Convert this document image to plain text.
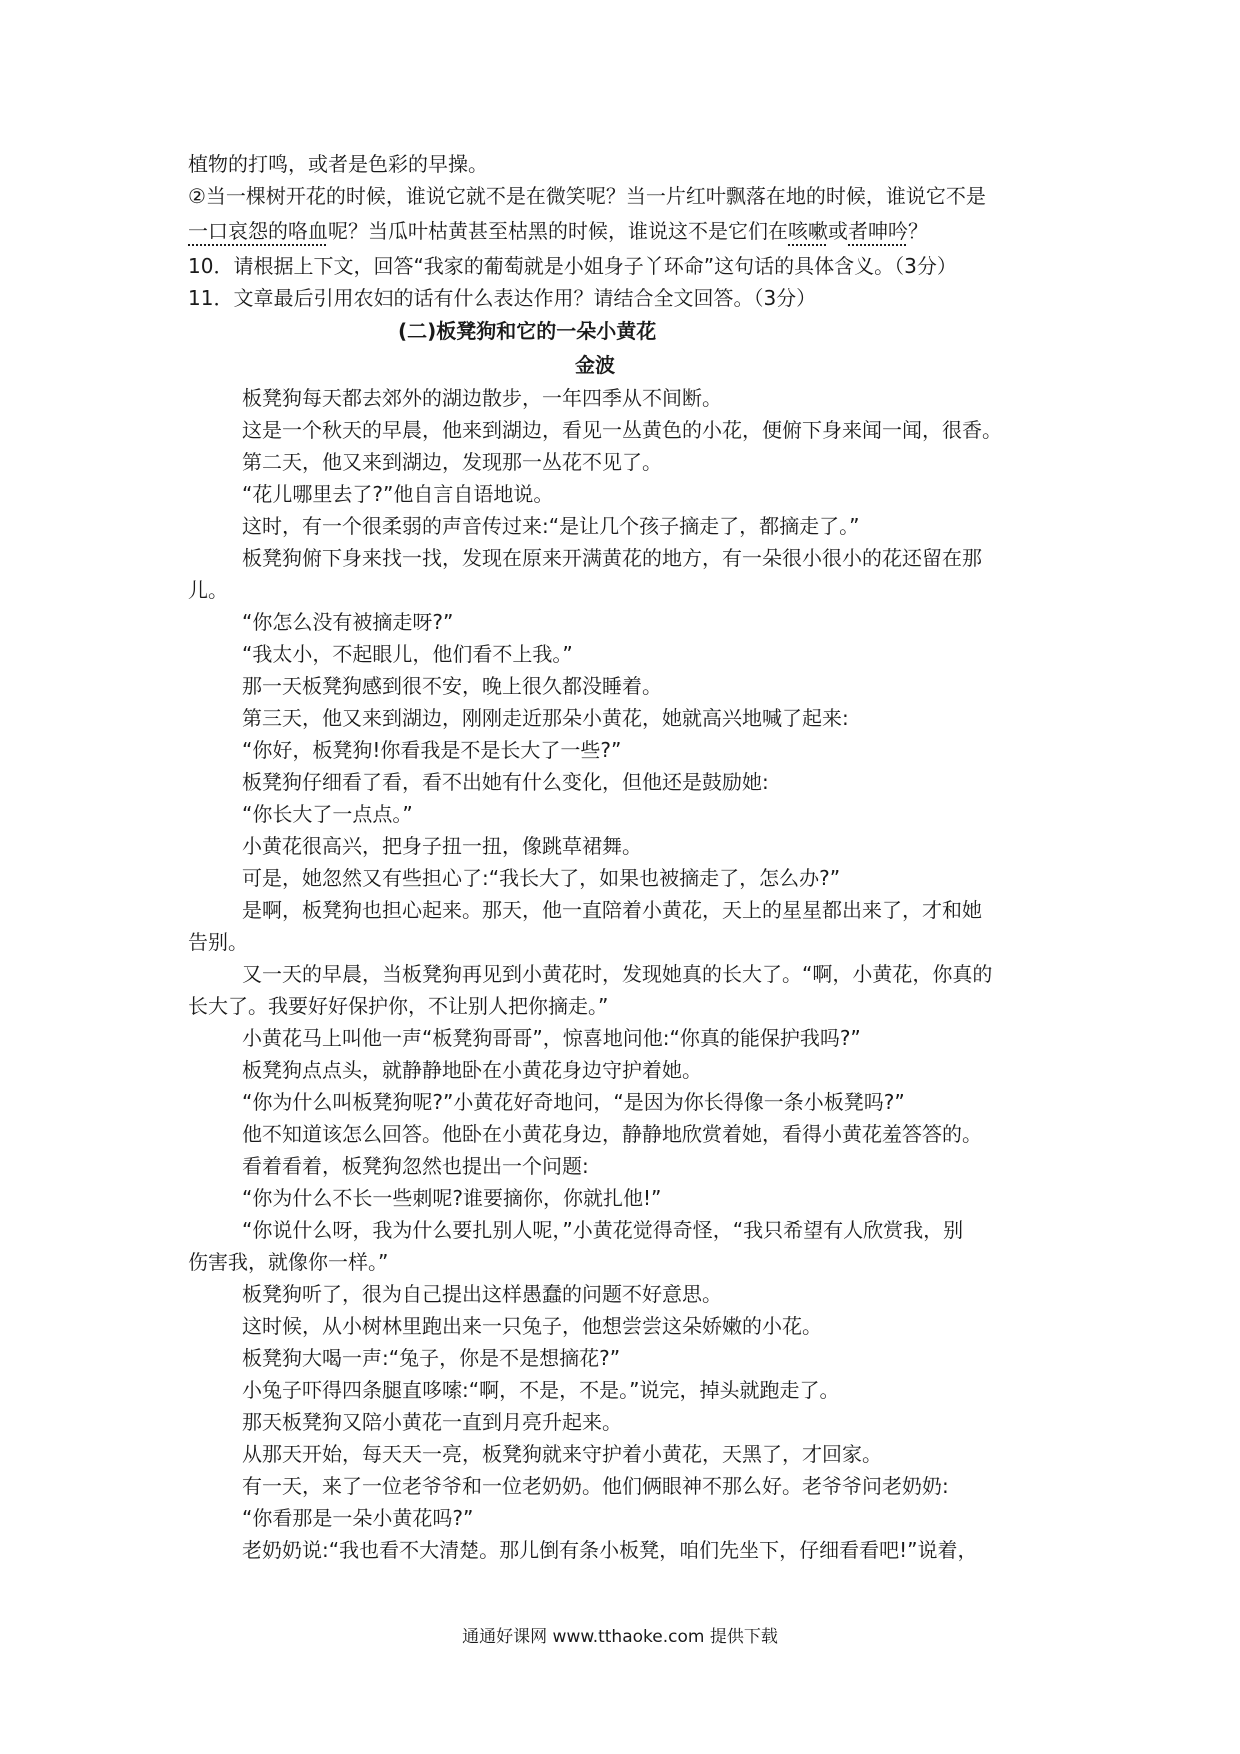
植物的打鸣，或者是色彩的早操。

②当一棵树开花的时候，谁说它就不是在微笑呢？当一片红叶飘落在地的时候，谁说它不是

一口哀怨的咯血呢？当瓜叶枯黄甚至枯黑的时候，谁说这不是它们在咳嗽或者呻吟？

10．请根据上下文，回答“我家的葡萄就是小姐身子丫环命”这句话的具体含义。（3分）

11．文章最后引用农妇的话有什么表达作用？请结合全文回答。（3分）

(二)板凳狗和它的一朵小黄花
金波

板凳狗每天都去郊外的湖边散步，一年四季从不间断。

这是一个秋天的早晨，他来到湖边，看见一丛黄色的小花，便俯下身来闻一闻，很香。

第二天，他又来到湖边，发现那一丛花不见了。

“花儿哪里去了?”他自言自语地说。

这时，有一个很柔弱的声音传过来:“是让几个孩子摘走了，都摘走了。”

板凳狗俯下身来找一找，发现在原来开满黄花的地方，有一朵很小很小的花还留在那

儿。

“你怎么没有被摘走呀?”

“我太小，不起眼儿，他们看不上我。”

那一天板凳狗感到很不安，晚上很久都没睡着。

第三天，他又来到湖边，刚刚走近那朵小黄花，她就高兴地喊了起来:

“你好，板凳狗!你看我是不是长大了一些?”

板凳狗仔细看了看，看不出她有什么变化，但他还是鼓励她:

“你长大了一点点。”

小黄花很高兴，把身子扭一扭，像跳草裙舞。

可是，她忽然又有些担心了:“我长大了，如果也被摘走了，怎么办?”

是啊，板凳狗也担心起来。那天，他一直陪着小黄花，天上的星星都出来了，才和她

告别。

又一天的早晨，当板凳狗再见到小黄花时，发现她真的长大了。“啊，小黄花，你真的

长大了。我要好好保护你，不让别人把你摘走。”

小黄花马上叫他一声“板凳狗哥哥”，惊喜地问他:“你真的能保护我吗?”

板凳狗点点头，就静静地卧在小黄花身边守护着她。

“你为什么叫板凳狗呢?”小黄花好奇地问，“是因为你长得像一条小板凳吗?”

他不知道该怎么回答。他卧在小黄花身边，静静地欣赏着她，看得小黄花羞答答的。

看着看着，板凳狗忽然也提出一个问题:

“你为什么不长一些刺呢?谁要摘你，你就扎他!”

“你说什么呀，我为什么要扎别人呢，”小黄花觉得奇怪，“我只希望有人欣赏我，别

伤害我，就像你一样。”

板凳狗听了，很为自己提出这样愚蠢的问题不好意思。

这时候，从小树林里跑出来一只兔子，他想尝尝这朵娇嫩的小花。

板凳狗大喝一声:“兔子，你是不是想摘花?”

小兔子吓得四条腿直哆嗦:“啊，不是，不是。”说完，掉头就跑走了。

那天板凳狗又陪小黄花一直到月亮升起来。

从那天开始，每天天一亮，板凳狗就来守护着小黄花，天黑了，才回家。

有一天，来了一位老爷爷和一位老奶奶。他们俩眼神不那么好。老爷爷问老奶奶:

“你看那是一朵小黄花吗?”

老奶奶说:“我也看不大清楚。那儿倒有条小板凳，咱们先坐下，仔细看看吧!”说着，

通通好课网 www.tthaoke.com 提供下载
